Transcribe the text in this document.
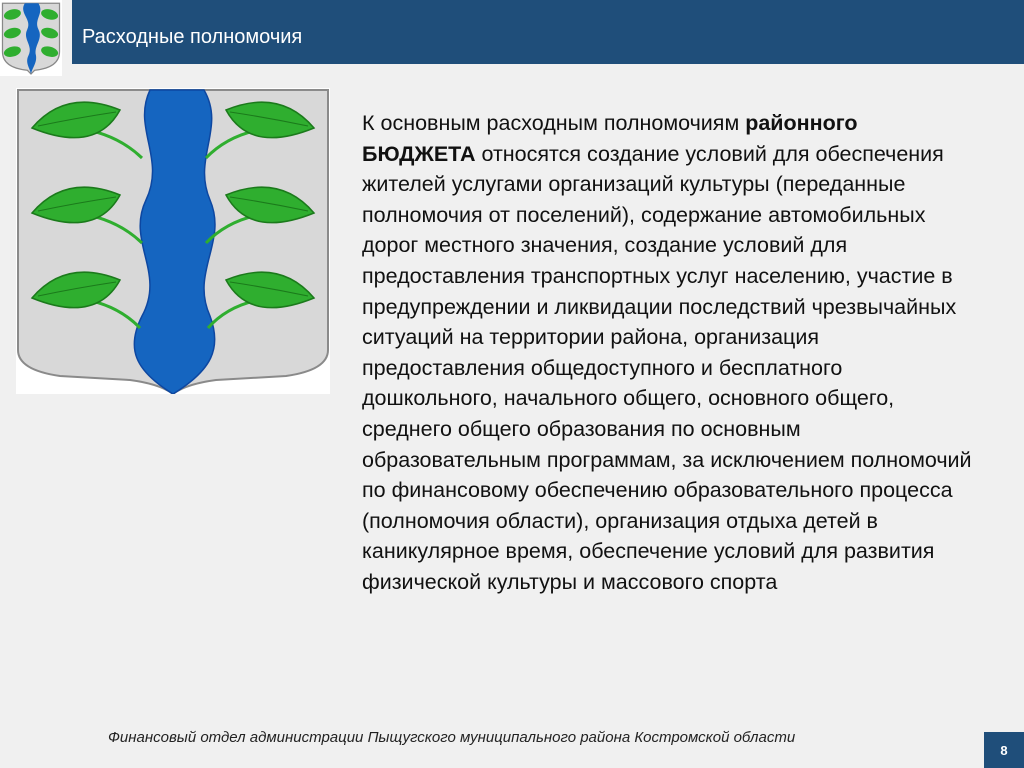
Расходные полномочия

К основным расходным полномочиям районного БЮДЖЕТА относятся создание условий для обеспечения жителей услугами организаций культуры (переданные полномочия от поселений), содержание автомобильных дорог местного значения, создание условий для предоставления транспортных услуг населению, участие в предупреждении и ликвидации последствий чрезвычайных ситуаций на территории района, организация предоставления общедоступного и бесплатного дошкольного, начального общего, основного общего, среднего общего образования по основным образовательным программам, за исключением полномочий по финансовому обеспечению образовательного процесса (полномочия области), организация отдыха детей в каникулярное время, обеспечение условий для развития физической культуры и массового спорта

Финансовый отдел администрации Пыщугского муниципального района Костромской области
8
